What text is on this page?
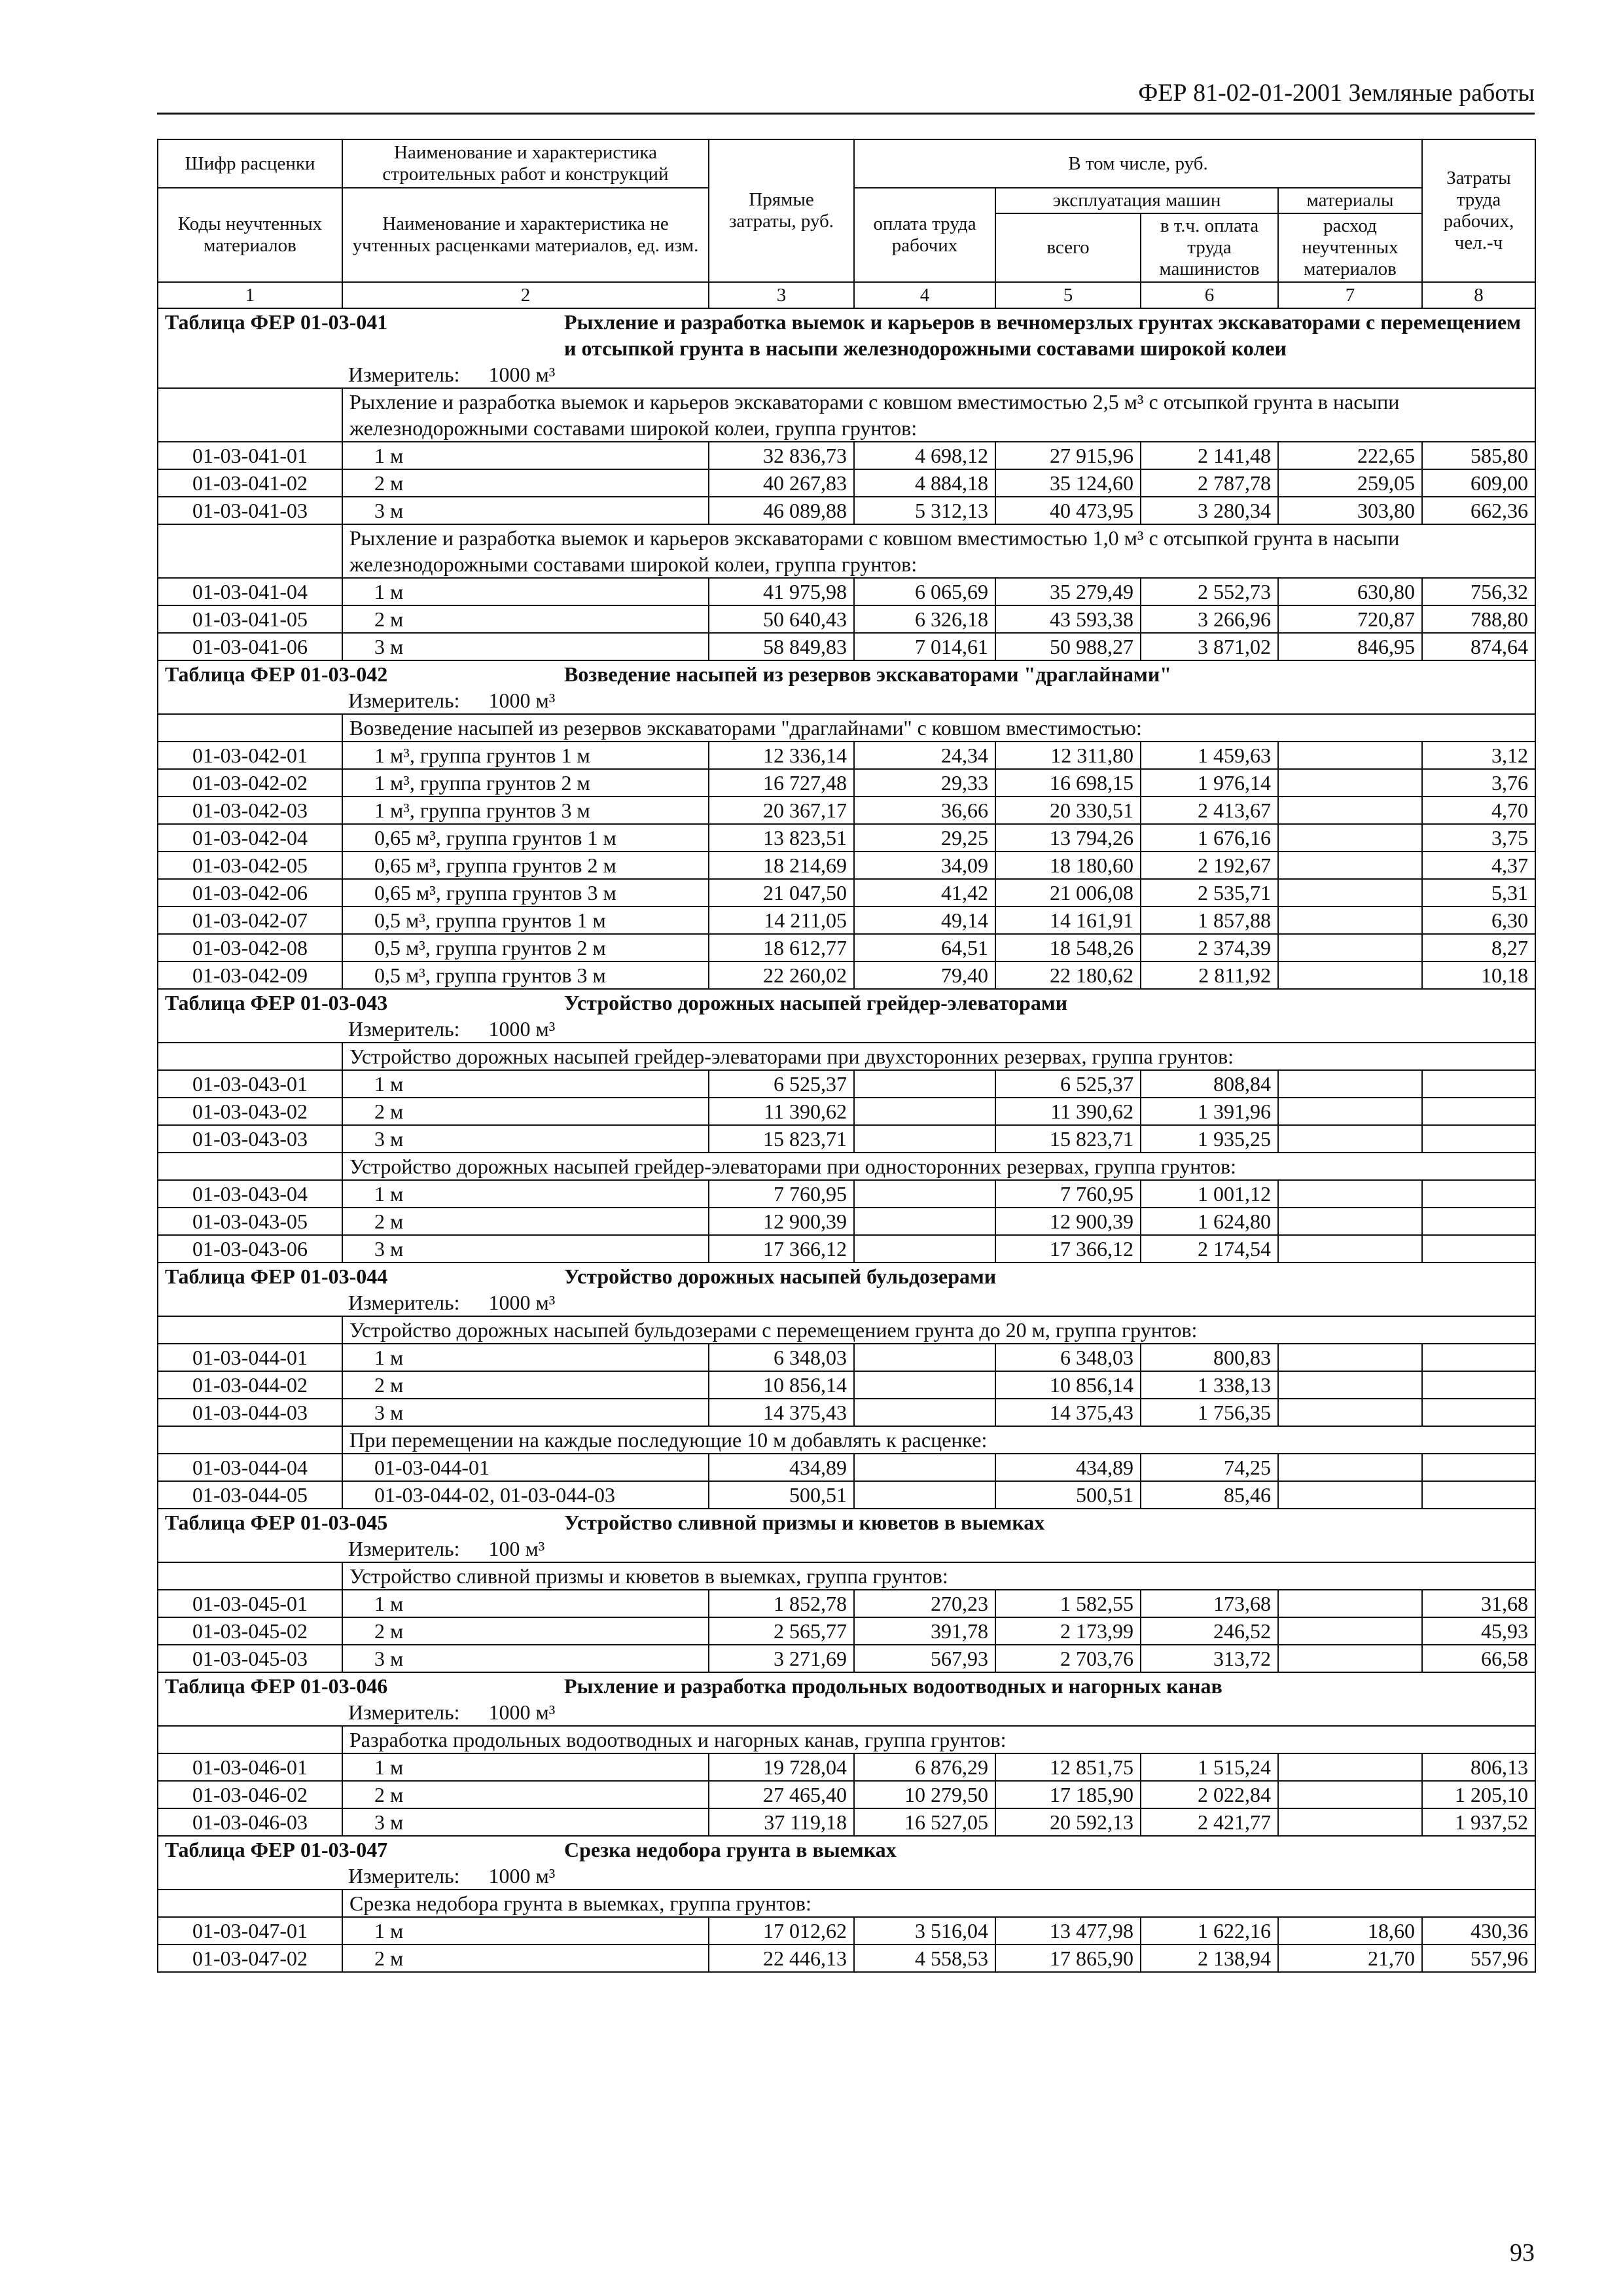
ФЕР 81-02-01-2001 Земляные работы
Шифр расценки	Наименование и характеристика строительных работ и конструкций	Прямые затраты, руб.	В том числе, руб.				Затраты труда рабочих, чел.-ч

Коды неучтенных материалов	Наименование и характеристика не учтенных расценками материалов, ед. изм.		оплата труда рабочих	эксплуатация машин		материалы	
				всего	в т.ч. оплата труда машинистов	расход неучтенных материалов	
1	2	3	4	5	6	7	8

Таблица ФЕР 01-03-041 Рыхление и разработка выемок и карьеров в вечномерзлых грунтах экскаваторами с перемещением и отсыпкой грунта в насыпи железнодорожными составами широкой колеи
Измеритель: 1000 м³							

	Рыхление и разработка выемок и карьеров экскаваторами с ковшом вместимостью 2,5 м³ с отсыпкой грунта в насыпи железнодорожными составами широкой колеи, группа грунтов:						
01-03-041-01	1 м	32 836,73	4 698,12	27 915,96	2 141,48	222,65	585,80
01-03-041-02	2 м	40 267,83	4 884,18	35 124,60	2 787,78	259,05	609,00
01-03-041-03	3 м	46 089,88	5 312,13	40 473,95	3 280,34	303,80	662,36
	Рыхление и разработка выемок и карьеров экскаваторами с ковшом вместимостью 1,0 м³ с отсыпкой грунта в насыпи железнодорожными составами широкой колеи, группа грунтов:						
01-03-041-04	1 м	41 975,98	6 065,69	35 279,49	2 552,73	630,80	756,32
01-03-041-05	2 м	50 640,43	6 326,18	43 593,38	3 266,96	720,87	788,80
01-03-041-06	3 м	58 849,83	7 014,61	50 988,27	3 871,02	846,95	874,64

Таблица ФЕР 01-03-042 Возведение насыпей из резервов экскаваторами "драглайнами"
Измеритель: 1000 м³							

	Возведение насыпей из резервов экскаваторами "драглайнами" с ковшом вместимостью:						
01-03-042-01	1 м³, группа грунтов 1 м	12 336,14	24,34	12 311,80	1 459,63		3,12
01-03-042-02	1 м³, группа грунтов 2 м	16 727,48	29,33	16 698,15	1 976,14		3,76
01-03-042-03	1 м³, группа грунтов 3 м	20 367,17	36,66	20 330,51	2 413,67		4,70
01-03-042-04	0,65 м³, группа грунтов 1 м	13 823,51	29,25	13 794,26	1 676,16		3,75
01-03-042-05	0,65 м³, группа грунтов 2 м	18 214,69	34,09	18 180,60	2 192,67		4,37
01-03-042-06	0,65 м³, группа грунтов 3 м	21 047,50	41,42	21 006,08	2 535,71		5,31
01-03-042-07	0,5 м³, группа грунтов 1 м	14 211,05	49,14	14 161,91	1 857,88		6,30
01-03-042-08	0,5 м³, группа грунтов 2 м	18 612,77	64,51	18 548,26	2 374,39		8,27
01-03-042-09	0,5 м³, группа грунтов 3 м	22 260,02	79,40	22 180,62	2 811,92		10,18

Таблица ФЕР 01-03-043 Устройство дорожных насыпей грейдер-элеваторами
Измеритель: 1000 м³							

	Устройство дорожных насыпей грейдер-элеваторами при двухсторонних резервах, группа грунтов:						
01-03-043-01	1 м	6 525,37		6 525,37	808,84		
01-03-043-02	2 м	11 390,62		11 390,62	1 391,96		
01-03-043-03	3 м	15 823,71		15 823,71	1 935,25		
	Устройство дорожных насыпей грейдер-элеваторами при односторонних резервах, группа грунтов:						
01-03-043-04	1 м	7 760,95		7 760,95	1 001,12		
01-03-043-05	2 м	12 900,39		12 900,39	1 624,80		
01-03-043-06	3 м	17 366,12		17 366,12	2 174,54		

Таблица ФЕР 01-03-044 Устройство дорожных насыпей бульдозерами
Измеритель: 1000 м³							

	Устройство дорожных насыпей бульдозерами с перемещением грунта до 20 м, группа грунтов:						
01-03-044-01	1 м	6 348,03		6 348,03	800,83		
01-03-044-02	2 м	10 856,14		10 856,14	1 338,13		
01-03-044-03	3 м	14 375,43		14 375,43	1 756,35		
	При перемещении на каждые последующие 10 м добавлять к расценке:						
01-03-044-04	01-03-044-01	434,89		434,89	74,25		
01-03-044-05	01-03-044-02, 01-03-044-03	500,51		500,51	85,46		

Таблица ФЕР 01-03-045 Устройство сливной призмы и кюветов в выемках
Измеритель: 100 м³							

	Устройство сливной призмы и кюветов в выемках, группа грунтов:						
01-03-045-01	1 м	1 852,78	270,23	1 582,55	173,68		31,68
01-03-045-02	2 м	2 565,77	391,78	2 173,99	246,52		45,93
01-03-045-03	3 м	3 271,69	567,93	2 703,76	313,72		66,58

Таблица ФЕР 01-03-046 Рыхление и разработка продольных водоотводных и нагорных канав
Измеритель: 1000 м³							

	Разработка продольных водоотводных и нагорных канав, группа грунтов:						
01-03-046-01	1 м	19 728,04	6 876,29	12 851,75	1 515,24		806,13
01-03-046-02	2 м	27 465,40	10 279,50	17 185,90	2 022,84		1 205,10
01-03-046-03	3 м	37 119,18	16 527,05	20 592,13	2 421,77		1 937,52

Таблица ФЕР 01-03-047 Срезка недобора грунта в выемках
Измеритель: 1000 м³							

	Срезка недобора грунта в выемках, группа грунтов:						
01-03-047-01	1 м	17 012,62	3 516,04	13 477,98	1 622,16	18,60	430,36
01-03-047-02	2 м	22 446,13	4 558,53	17 865,90	2 138,94	21,70	557,96
93
